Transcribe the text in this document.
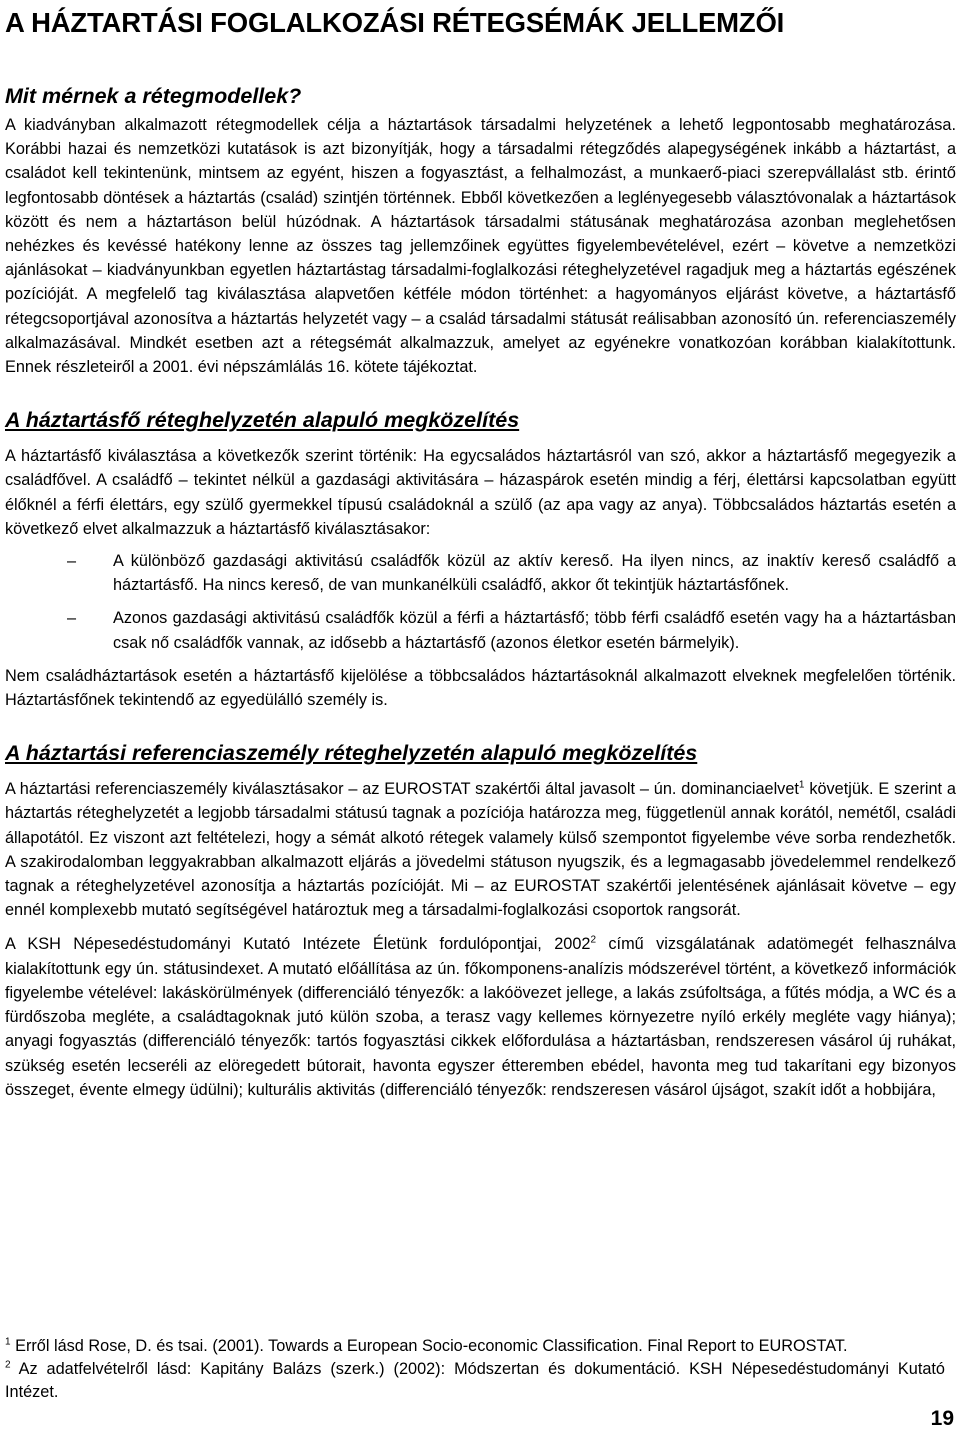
A HÁZTARTÁSI FOGLALKOZÁSI RÉTEGSÉMÁK JELLEMZŐI
Mit mérnek a rétegmodellek?

A kiadványban alkalmazott rétegmodellek célja a háztartások társadalmi helyzetének a lehető legpontosabb meghatározása. Korábbi hazai és nemzetközi kutatások is azt bizonyítják, hogy a társadalmi rétegződés alapegységének inkább a háztartást, a családot kell tekintenünk, mintsem az egyént, hiszen a fogyasztást, a felhalmozást, a munkaerő-piaci szerepvállalást stb. érintő legfontosabb döntések a háztartás (család) szintjén történnek. Ebből következően a leglényegesebb választóvonalak a háztartások között és nem a háztartáson belül húzódnak. A háztartások társadalmi státusának meghatározása azonban meglehetősen nehézkes és kevéssé hatékony lenne az összes tag jellemzőinek együttes figyelembevételével, ezért – követve a nemzetközi ajánlásokat – kiadványunkban egyetlen háztartástag társadalmi-foglalkozási réteghelyzetével ragadjuk meg a háztartás egészének pozícióját. A megfelelő tag kiválasztása alapvetően kétféle módon történhet: a hagyományos eljárást követve, a háztartásfő rétegcsoportjával azonosítva a háztartás helyzetét vagy – a család társadalmi státusát reálisabban azonosító ún. referenciaszemély alkalmazásával. Mindkét esetben azt a rétegsémát alkalmazzuk, amelyet az egyénekre vonatkozóan korábban kialakítottunk. Ennek részleteiről a 2001. évi népszámlálás 16. kötete tájékoztat.

A háztartásfő réteghelyzetén alapuló megközelítés

A háztartásfő kiválasztása a következők szerint történik: Ha egycsaládos háztartásról van szó, akkor a háztartásfő megegyezik a családfővel. A családfő – tekintet nélkül a gazdasági aktivitására – házaspárok esetén mindig a férj, élettársi kapcsolatban együtt élőknél a férfi élettárs, egy szülő gyermekkel típusú családoknál a szülő (az apa vagy az anya). Többcsaládos háztartás esetén a következő elvet alkalmazzuk a háztartásfő kiválasztásakor:

– A különböző gazdasági aktivitású családfők közül az aktív kereső. Ha ilyen nincs, az inaktív kereső családfő a háztartásfő. Ha nincs kereső, de van munkanélküli családfő, akkor őt tekintjük háztartásfőnek.
– Azonos gazdasági aktivitású családfők közül a férfi a háztartásfő; több férfi családfő esetén vagy ha a háztartásban csak nő családfők vannak, az idősebb a háztartásfő (azonos életkor esetén bármelyik).

Nem családháztartások esetén a háztartásfő kijelölése a többcsaládos háztartásoknál alkalmazott elveknek megfelelően történik. Háztartásfőnek tekintendő az egyedülálló személy is.

A háztartási referenciaszemély réteghelyzetén alapuló megközelítés

A háztartási referenciaszemély kiválasztásakor – az EUROSTAT szakértői által javasolt – ún. dominanciaelvet$^1$ követjük. E szerint a háztartás réteghelyzetét a legjobb társadalmi státusú tagnak a pozíciója határozza meg, függetlenül annak korától, nemétől, családi állapotától. Ez viszont azt feltételezi, hogy a sémát alkotó rétegek valamely külső szempontot figyelembe véve sorba rendezhetők. A szakirodalomban leggyakrabban alkalmazott eljárás a jövedelmi státuson nyugszik, és a legmagasabb jövedelemmel rendelkező tagnak a réteghelyzetével azonosítja a háztartás pozícióját. Mi – az EUROSTAT szakértői jelentésének ajánlásait követve – egy ennél komplexebb mutató segítségével határoztuk meg a társadalmi-foglalkozási csoportok rangsorát.

A KSH Népesedéstudományi Kutató Intézete Életünk fordulópontjai, 2002$^2$ című vizsgálatának adatömegét felhasználva kialakítottunk egy ún. státusindexet. A mutató előállítása az ún. főkomponens-analízis módszerével történt, a következő információk figyelembe vételével: lakáskörülmények (differenciáló tényezők: a lakóövezet jellege, a lakás zsúfoltsága, a fűtés módja, a WC és a fürdőszoba megléte, a családtagoknak jutó külön szoba, a terasz vagy kellemes környezetre nyíló erkély megléte vagy hiánya); anyagi fogyasztás (differenciáló tényezők: tartós fogyasztási cikkek előfordulása a háztartásban, rendszeresen vásárol új ruhákat, szükség esetén lecseréli az elöregedett bútorait, havonta egyszer étteremben ebédel, havonta meg tud takarítani egy bizonyos összeget, évente elmegy üdülni); kulturális aktivitás (differenciáló tényezők: rendszeresen vásárol újságot, szakít időt a hobbijára,

$^1$ Erről lásd Rose, D. és tsai. (2001). Towards a European Socio-economic Classification. Final Report to EUROSTAT.

$^2$ Az adatfelvételről lásd: Kapitány Balázs (szerk.) (2002): Módszertan és dokumentáció. KSH Népesedéstudományi Kutató Intézet.

19
